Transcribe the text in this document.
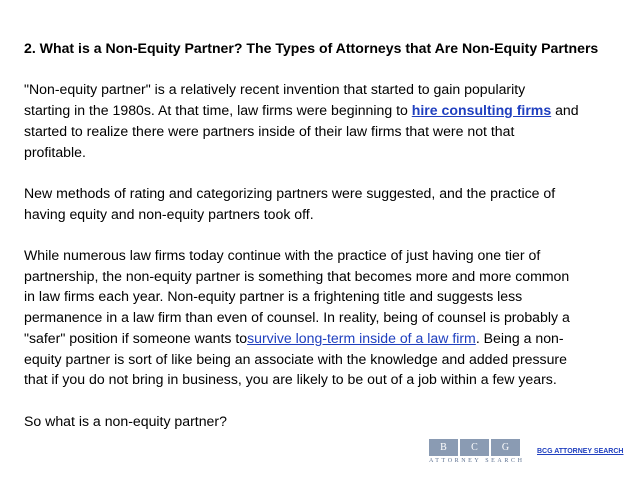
2. What is a Non-Equity Partner? The Types of Attorneys that Are Non-Equity Partners
"Non-equity partner" is a relatively recent invention that started to gain popularity
starting in the 1980s. At that time, law firms were beginning to hire consulting firms and
started to realize there were partners inside of their law firms that were not that
profitable.
New methods of rating and categorizing partners were suggested, and the practice of
having equity and non-equity partners took off.
While numerous law firms today continue with the practice of just having one tier of
partnership, the non-equity partner is something that becomes more and more common
in law firms each year. Non-equity partner is a frightening title and suggests less
permanence in a law firm than even of counsel. In reality, being of counsel is probably a
"safer" position if someone wants tosurvive long-term inside of a law firm. Being a non-
equity partner is sort of like being an associate with the knowledge and added pressure
that if you do not bring in business, you are likely to be out of a job within a few years.
So what is a non-equity partner?
B	C	G
ATTORNEY SEARCH
BCG ATTORNEY SEARCH
